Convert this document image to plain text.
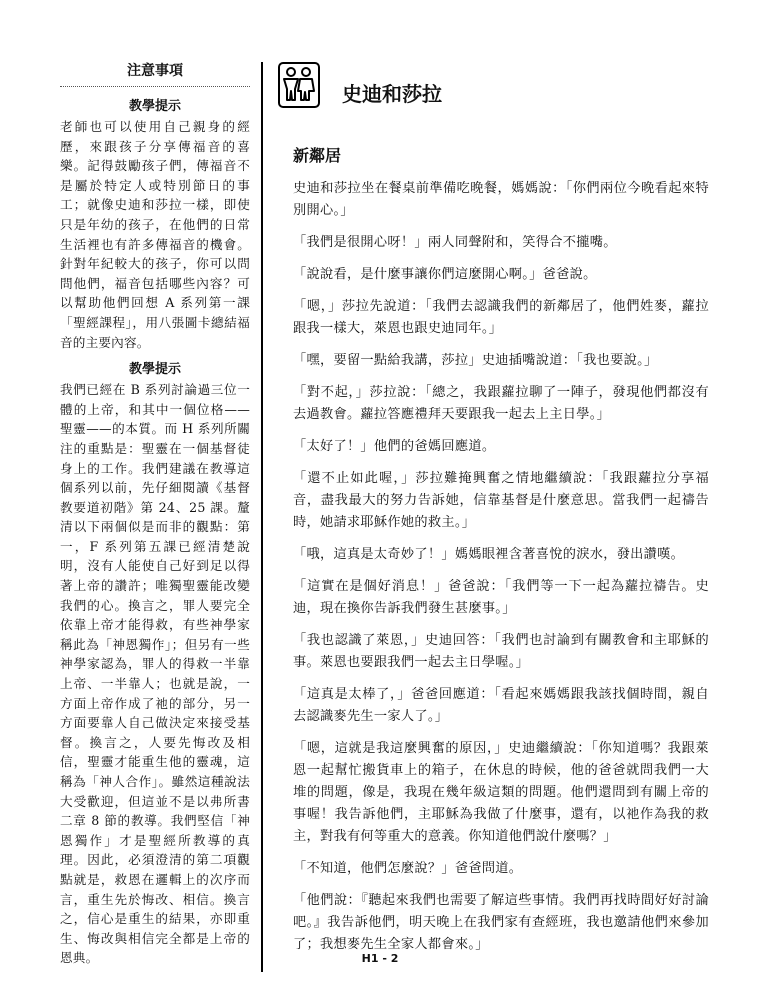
注意事項
教學提示

老師也可以使用自己親身的經歷，來跟孩子分享傳福音的喜樂。記得鼓勵孩子們，傳福音不是屬於特定人或特別節日的事工；就像史迪和莎拉一樣，即使只是年幼的孩子，在他們的日常生活裡也有許多傳福音的機會。針對年紀較大的孩子，你可以問問他們，福音包括哪些內容？可以幫助他們回想 A 系列第一課「聖經課程」，用八張圖卡總結福音的主要內容。

教學提示

我們已經在 B 系列討論過三位一體的上帝，和其中一個位格——聖靈——的本質。而 H 系列所關注的重點是：聖靈在一個基督徒身上的工作。我們建議在教導這個系列以前，先仔細閱讀《基督教要道初階》第 24、25 課。釐清以下兩個似是而非的觀點：第一，F 系列第五課已經清楚說明，沒有人能使自己好到足以得著上帝的讚許；唯獨聖靈能改變我們的心。換言之，罪人要完全依靠上帝才能得救，有些神學家稱此為「神恩獨作」；但另有一些神學家認為，罪人的得救一半靠上帝、一半靠人；也就是說，一方面上帝作成了祂的部分，另一方面要靠人自己做決定來接受基督。換言之，人要先悔改及相信，聖靈才能重生他的靈魂，這稱為「神人合作」。雖然這種說法大受歡迎，但這並不是以弗所書二章 8 節的教導。我們堅信「神恩獨作」才是聖經所教導的真理。因此，必須澄清的第二項觀點就是，救恩在邏輯上的次序而言，重生先於悔改、相信。換言之，信心是重生的結果，亦即重生、悔改與相信完全都是上帝的恩典。

史迪和莎拉
新鄰居

史迪和莎拉坐在餐桌前準備吃晚餐，媽媽說：「你們兩位今晚看起來特別開心。」

「我們是很開心呀！」兩人同聲附和，笑得合不攏嘴。

「說說看，是什麼事讓你們這麼開心啊。」爸爸說。

「嗯，」莎拉先說道：「我們去認識我們的新鄰居了，他們姓麥，蘿拉跟我一樣大，萊恩也跟史迪同年。」

「嘿，要留一點給我講，莎拉」史迪插嘴說道：「我也要說。」

「對不起，」莎拉說：「總之，我跟蘿拉聊了一陣子，發現他們都沒有去過教會。蘿拉答應禮拜天要跟我一起去上主日學。」

「太好了！」他們的爸媽回應道。

「還不止如此喔，」莎拉難掩興奮之情地繼續說：「我跟蘿拉分享福音，盡我最大的努力告訴她，信靠基督是什麼意思。當我們一起禱告時，她請求耶穌作她的救主。」

「哦，這真是太奇妙了！」媽媽眼裡含著喜悅的淚水，發出讚嘆。

「這實在是個好消息！」爸爸說：「我們等一下一起為蘿拉禱告。史迪，現在換你告訴我們發生甚麼事。」

「我也認識了萊恩，」史迪回答：「我們也討論到有關教會和主耶穌的事。萊恩也要跟我們一起去主日學喔。」

「這真是太棒了，」爸爸回應道：「看起來媽媽跟我該找個時間，親自去認識麥先生一家人了。」

「嗯，這就是我這麼興奮的原因，」史迪繼續說：「你知道嗎？我跟萊恩一起幫忙搬貨車上的箱子，在休息的時候，他的爸爸就問我們一大堆的問題，像是，我現在幾年級這類的問題。他們還問到有關上帝的事喔！我告訴他們，主耶穌為我做了什麼事，還有，以祂作為我的救主，對我有何等重大的意義。你知道他們說什麼嗎？」

「不知道，他們怎麼說？」爸爸問道。

「他們說：『聽起來我們也需要了解這些事情。我們再找時間好好討論吧。』我告訴他們，明天晚上在我們家有查經班，我也邀請他們來參加了；我想麥先生全家人都會來。」

H1 - 2
